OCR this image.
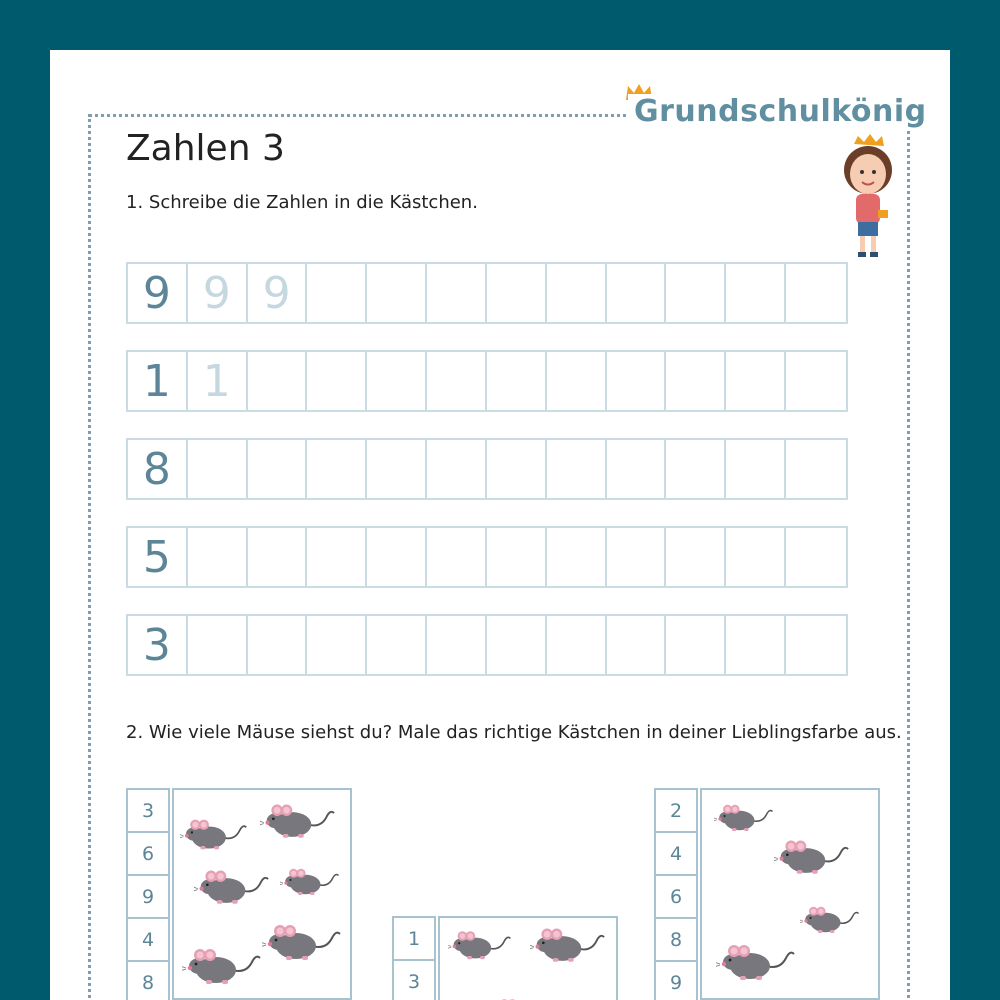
Grundschulkönig
Zahlen 3
1. Schreibe die Zahlen in die Kästchen.
9 9 9
1 1
8
5
3
2. Wie viele Mäuse siehst du? Male das richtige Kästchen in deiner Lieblingsfarbe aus.
3
6
9
4
8
1
3
2
4
6
8
9
